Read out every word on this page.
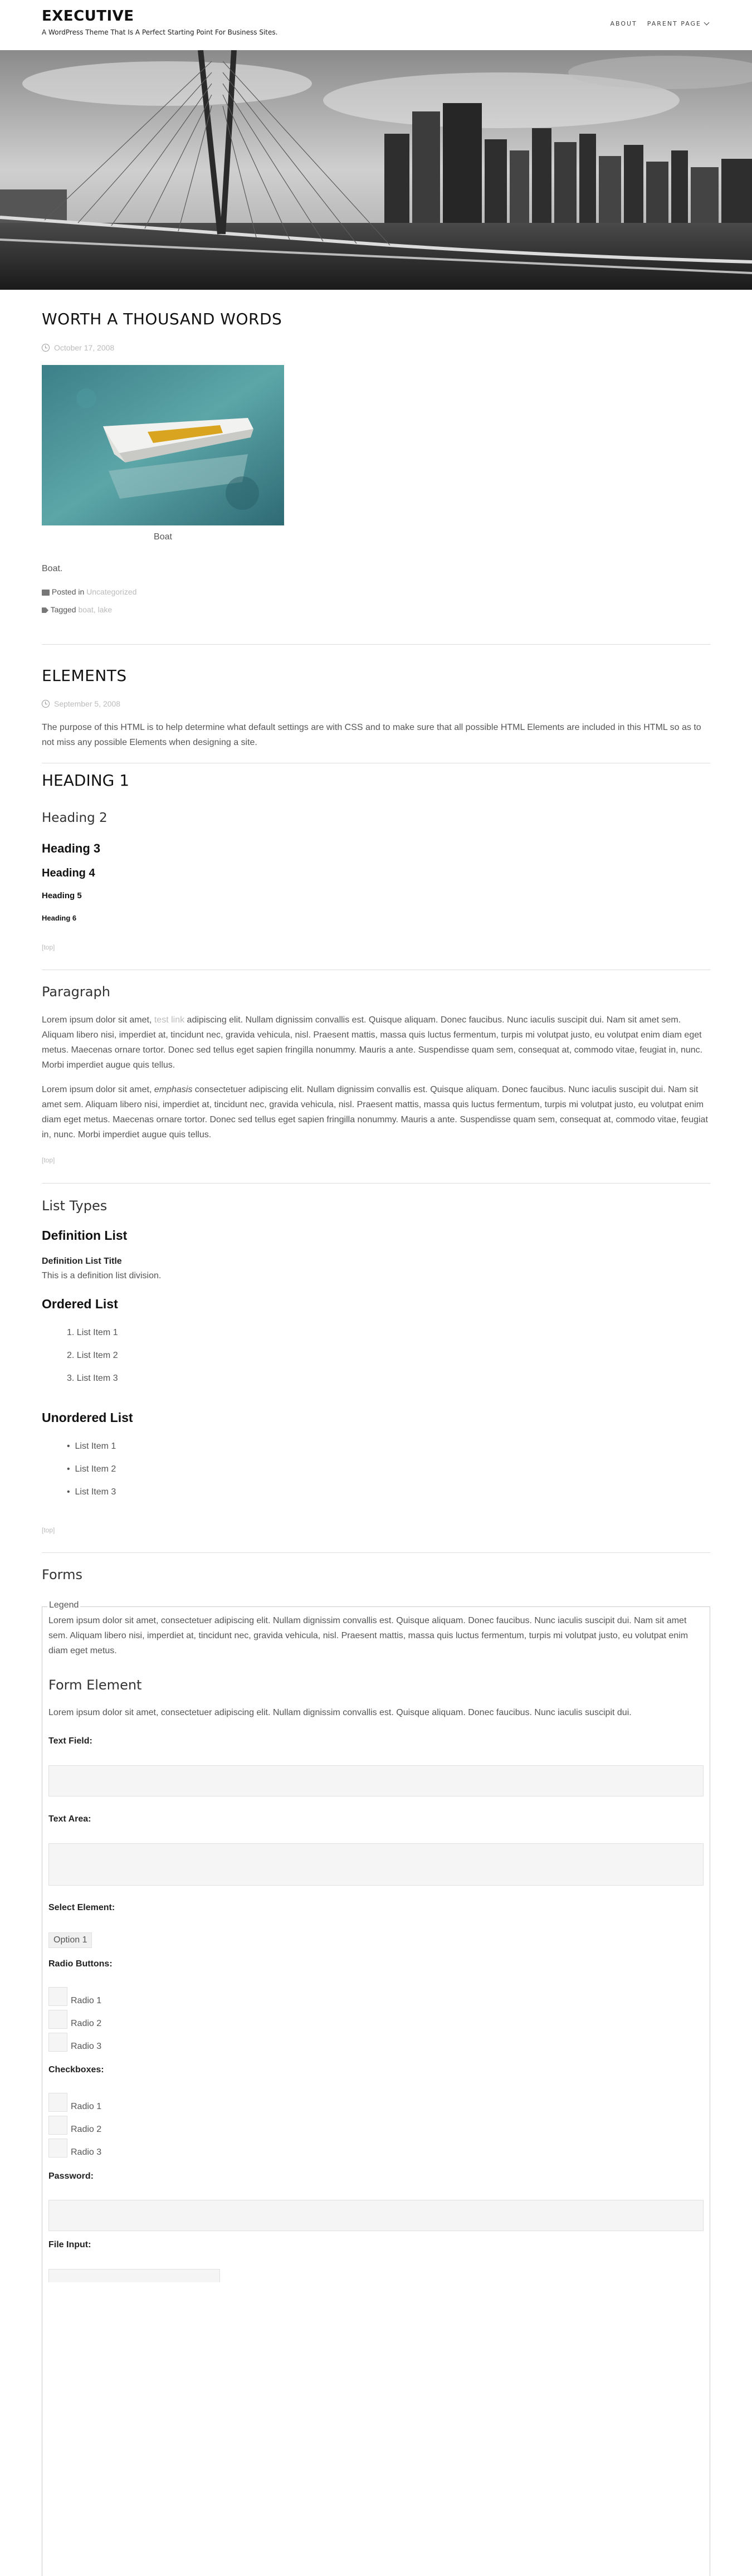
EXECUTIVE
A WordPress Theme That Is A Perfect Starting Point For Business Sites.
ABOUT PARENT PAGE
WORTH A THOUSAND WORDS
October 17, 2008
Boat
Boat.
Posted in Uncategorized
Tagged boat, lake
ELEMENTS
September 5, 2008
The purpose of this HTML is to help determine what default settings are with CSS and to make sure that all possible HTML Elements are included in this HTML so as to not miss any possible Elements when designing a site.
HEADING 1
Heading 2
Heading 3
Heading 4
Heading 5
Heading 6
[top]
Paragraph

Lorem ipsum dolor sit amet, test link adipiscing elit. Nullam dignissim convallis est. Quisque aliquam. Donec faucibus. Nunc iaculis suscipit dui. Nam sit amet sem. Aliquam libero nisi, imperdiet at, tincidunt nec, gravida vehicula, nisl. Praesent mattis, massa quis luctus fermentum, turpis mi volutpat justo, eu volutpat enim diam eget metus. Maecenas ornare tortor. Donec sed tellus eget sapien fringilla nonummy. Mauris a ante. Suspendisse quam sem, consequat at, commodo vitae, feugiat in, nunc. Morbi imperdiet augue quis tellus.

Lorem ipsum dolor sit amet, emphasis consectetuer adipiscing elit. Nullam dignissim convallis est. Quisque aliquam. Donec faucibus. Nunc iaculis suscipit dui. Nam sit amet sem. Aliquam libero nisi, imperdiet at, tincidunt nec, gravida vehicula, nisl. Praesent mattis, massa quis luctus fermentum, turpis mi volutpat justo, eu volutpat enim diam eget metus. Maecenas ornare tortor. Donec sed tellus eget sapien fringilla nonummy. Mauris a ante. Suspendisse quam sem, consequat at, commodo vitae, feugiat in, nunc. Morbi imperdiet augue quis tellus.

[top]
List Types
Definition List
Definition List Title
This is a definition list division.
Ordered List
1. List Item 1
2. List Item 2
3. List Item 3
Unordered List
•  List Item 1
•  List Item 2
•  List Item 3
[top]
Forms
Legend
Lorem ipsum dolor sit amet, consectetuer adipiscing elit. Nullam dignissim convallis est. Quisque aliquam. Donec faucibus. Nunc iaculis suscipit dui. Nam sit amet sem. Aliquam libero nisi, imperdiet at, tincidunt nec, gravida vehicula, nisl. Praesent mattis, massa quis luctus fermentum, turpis mi volutpat justo, eu volutpat enim diam eget metus.
Form Element
Lorem ipsum dolor sit amet, consectetuer adipiscing elit. Nullam dignissim convallis est. Quisque aliquam. Donec faucibus. Nunc iaculis suscipit dui.
Text Field:
Text Area:
Select Element:
Option 1
Radio Buttons:
Radio 1
Radio 2
Radio 3
Checkboxes:
Radio 1
Radio 2
Radio 3
Password:
File Input:
